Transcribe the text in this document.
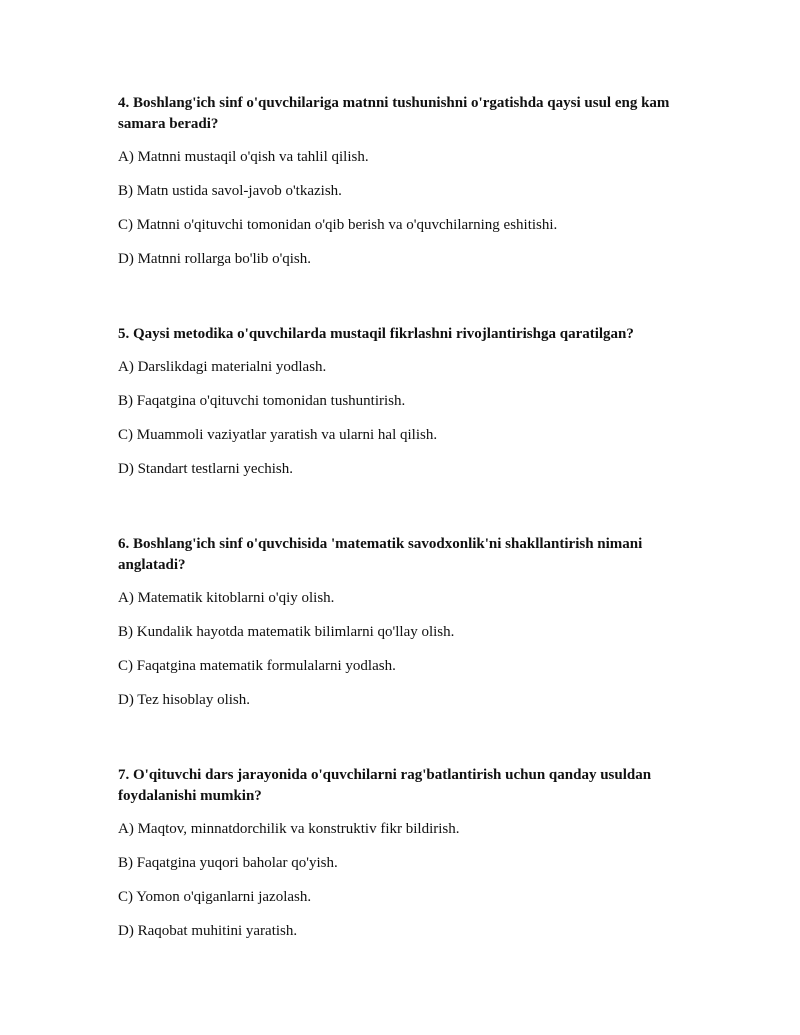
4. Boshlang'ich sinf o'quvchilariga matnni tushunishni o'rgatishda qaysi usul eng kam samara beradi?
A) Matnni mustaqil o'qish va tahlil qilish.
B) Matn ustida savol-javob o'tkazish.
C) Matnni o'qituvchi tomonidan o'qib berish va o'quvchilarning eshitishi.
D) Matnni rollarga bo'lib o'qish.
5. Qaysi metodika o'quvchilarda mustaqil fikrlashni rivojlantirishga qaratilgan?
A) Darslikdagi materialni yodlash.
B) Faqatgina o'qituvchi tomonidan tushuntirish.
C) Muammoli vaziyatlar yaratish va ularni hal qilish.
D) Standart testlarni yechish.
6. Boshlang'ich sinf o'quvchisida 'matematik savodxonlik'ni shakllantirish nimani anglatadi?
A) Matematik kitoblarni o'qiy olish.
B) Kundalik hayotda matematik bilimlarni qo'llay olish.
C) Faqatgina matematik formulalarni yodlash.
D) Tez hisoblay olish.
7. O'qituvchi dars jarayonida o'quvchilarni rag'batlantirish uchun qanday usuldan foydalanishi mumkin?
A) Maqtov, minnatdorchilik va konstruktiv fikr bildirish.
B) Faqatgina yuqori baholar qo'yish.
C) Yomon o'qiganlarni jazolash.
D) Raqobat muhitini yaratish.
